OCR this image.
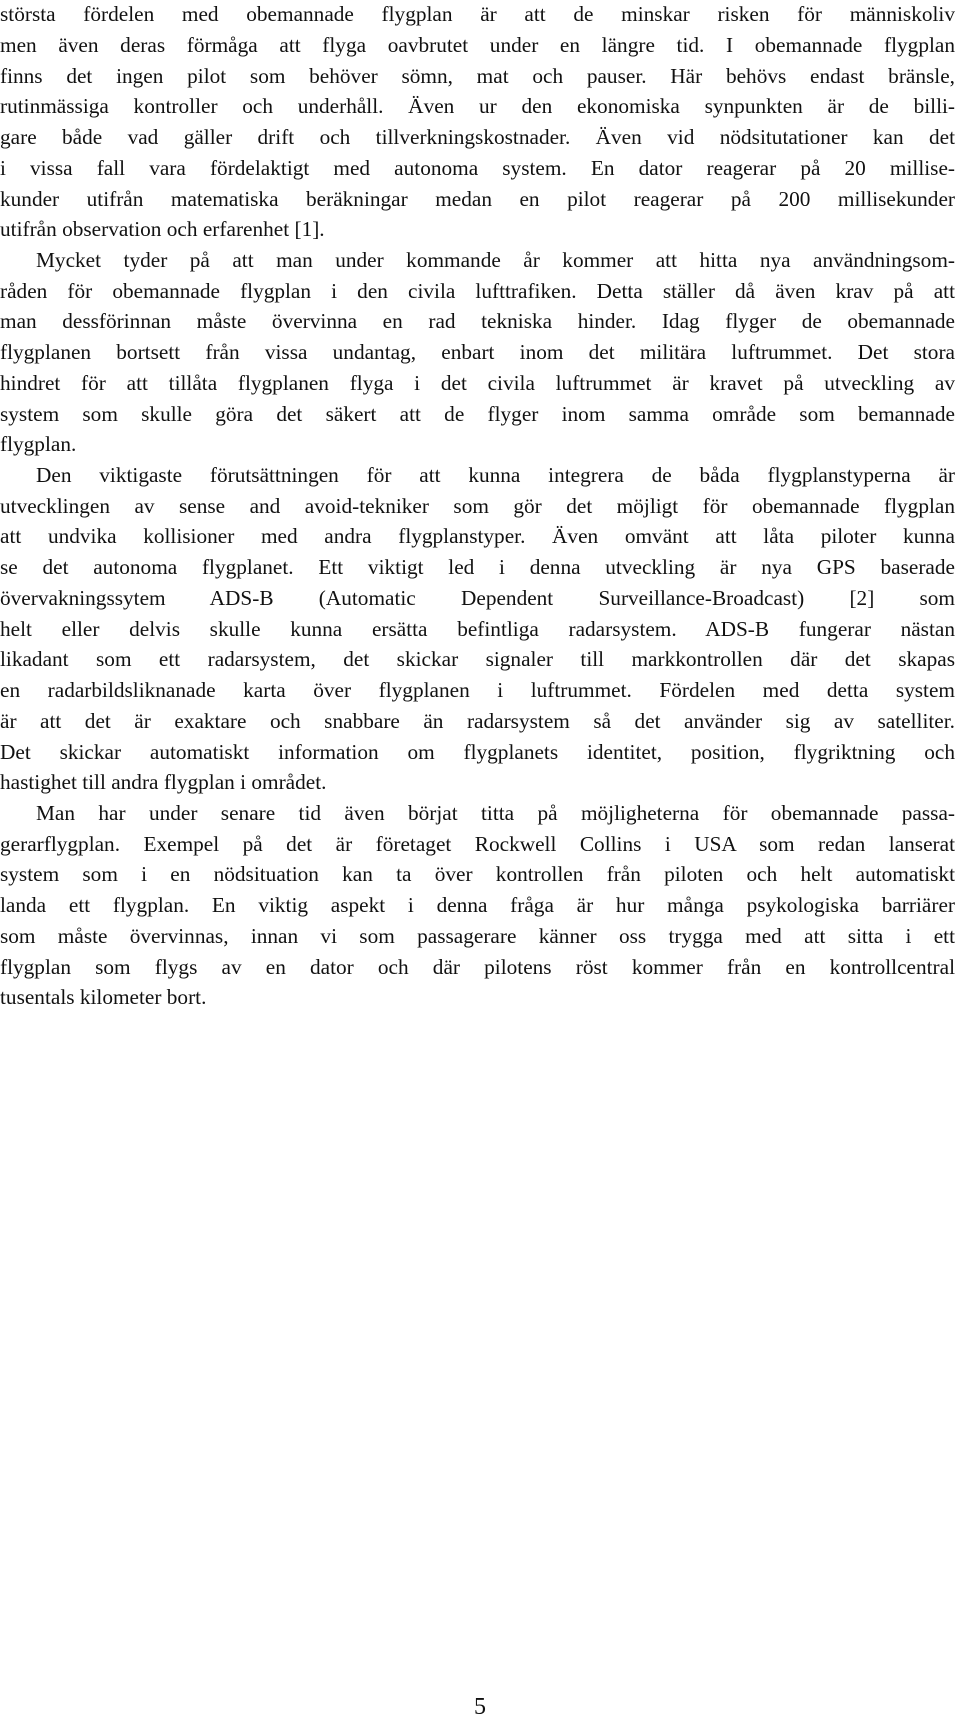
största fördelen med obemannade flygplan är att de minskar risken för människoliv
men även deras förmåga att flyga oavbrutet under en längre tid. I obemannade flygplan
finns det ingen pilot som behöver sömn, mat och pauser. Här behövs endast bränsle,
rutinmässiga kontroller och underhåll. Även ur den ekonomiska synpunkten är de billi-
gare både vad gäller drift och tillverkningskostnader. Även vid nödsitutationer kan det
i vissa fall vara fördelaktigt med autonoma system. En dator reagerar på 20 millise-
kunder utifrån matematiska beräkningar medan en pilot reagerar på 200 millisekunder
utifrån observation och erfarenhet [1].
Mycket tyder på att man under kommande år kommer att hitta nya användningsom-
råden för obemannade flygplan i den civila lufttrafiken. Detta ställer då även krav på att
man dessförinnan måste övervinna en rad tekniska hinder. Idag flyger de obemannade
flygplanen bortsett från vissa undantag, enbart inom det militära luftrummet. Det stora
hindret för att tillåta flygplanen flyga i det civila luftrummet är kravet på utveckling av
system som skulle göra det säkert att de flyger inom samma område som bemannade
flygplan.
Den viktigaste förutsättningen för att kunna integrera de båda flygplanstyperna är
utvecklingen av sense and avoid-tekniker som gör det möjligt för obemannade flygplan
att undvika kollisioner med andra flygplanstyper. Även omvänt att låta piloter kunna
se det autonoma flygplanet. Ett viktigt led i denna utveckling är nya GPS baserade
övervakningssytem ADS-B (Automatic Dependent Surveillance-Broadcast) [2] som
helt eller delvis skulle kunna ersätta befintliga radarsystem. ADS-B fungerar nästan
likadant som ett radarsystem, det skickar signaler till markkontrollen där det skapas
en radarbildsliknanade karta över flygplanen i luftrummet. Fördelen med detta system
är att det är exaktare och snabbare än radarsystem så det använder sig av satelliter.
Det skickar automatiskt information om flygplanets identitet, position, flygriktning och
hastighet till andra flygplan i området.
Man har under senare tid även börjat titta på möjligheterna för obemannade passa-
gerarflygplan. Exempel på det är företaget Rockwell Collins i USA som redan lanserat
system som i en nödsituation kan ta över kontrollen från piloten och helt automatiskt
landa ett flygplan. En viktig aspekt i denna fråga är hur många psykologiska barriärer
som måste övervinnas, innan vi som passagerare känner oss trygga med att sitta i ett
flygplan som flygs av en dator och där pilotens röst kommer från en kontrollcentral
tusentals kilometer bort.
5
